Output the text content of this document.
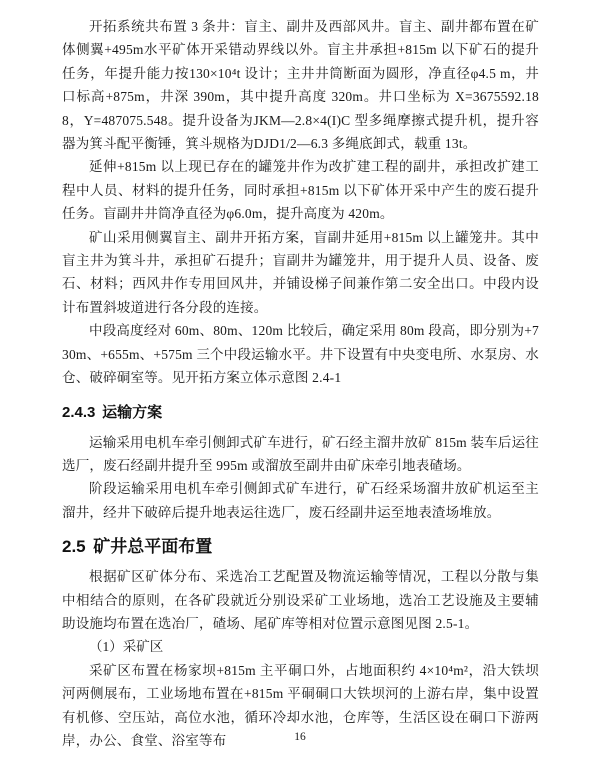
开拓系统共布置 3 条井：盲主、副井及西部风井。盲主、副井都布置在矿体侧翼+495m水平矿体开采错动界线以外。盲主井承担+815m 以下矿石的提升任务，年提升能力按130×10⁴t 设计；主井井筒断面为圆形，净直径φ4.5 m，井口标高+875m，井深 390m，其中提升高度 320m。井口坐标为 X=3675592.188，Y=487075.548。提升设备为JKM—2.8×4(I)C 型多绳摩擦式提升机，提升容器为箕斗配平衡锤，箕斗规格为DJD1/2—6.3 多绳底卸式，载重 13t。

延伸+815m 以上现已存在的罐笼井作为改扩建工程的副井，承担改扩建工程中人员、材料的提升任务，同时承担+815m 以下矿体开采中产生的废石提升任务。盲副井井筒净直径为φ6.0m，提升高度为 420m。

矿山采用侧翼盲主、副井开拓方案，盲副井延用+815m 以上罐笼井。其中盲主井为箕斗井，承担矿石提升；盲副井为罐笼井，用于提升人员、设备、废石、材料；西风井作专用回风井，并铺设梯子间兼作第二安全出口。中段内设计布置斜坡道进行各分段的连接。

中段高度经对 60m、80m、120m 比较后，确定采用 80m 段高，即分别为+730m、+655m、+575m 三个中段运输水平。井下设置有中央变电所、水泵房、水仓、破碎硐室等。见开拓方案立体示意图 2.4-1

2.4.3 运输方案

运输采用电机车牵引侧卸式矿车进行，矿石经主溜井放矿 815m 装车后运往选厂，废石经副井提升至 995m 或溜放至副井由矿床牵引地表碴场。

阶段运输采用电机车牵引侧卸式矿车进行，矿石经采场溜井放矿机运至主溜井，经井下破碎后提升地表运往选厂，废石经副井运至地表渣场堆放。

2.5 矿井总平面布置

根据矿区矿体分布、采选冶工艺配置及物流运输等情况，工程以分散与集中相结合的原则，在各矿段就近分别设采矿工业场地，选冶工艺设施及主要辅助设施均布置在选冶厂，碴场、尾矿库等相对位置示意图见图 2.5-1。

（1）采矿区

采矿区布置在杨家坝+815m 主平硐口外，占地面积约 4×10⁴m²，沿大铁坝河两侧展布，工业场地布置在+815m 平硐硐口大铁坝河的上游右岸，集中设置有机修、空压站，高位水池，循环冷却水池，仓库等，生活区设在硐口下游两岸，办公、食堂、浴室等布	16
